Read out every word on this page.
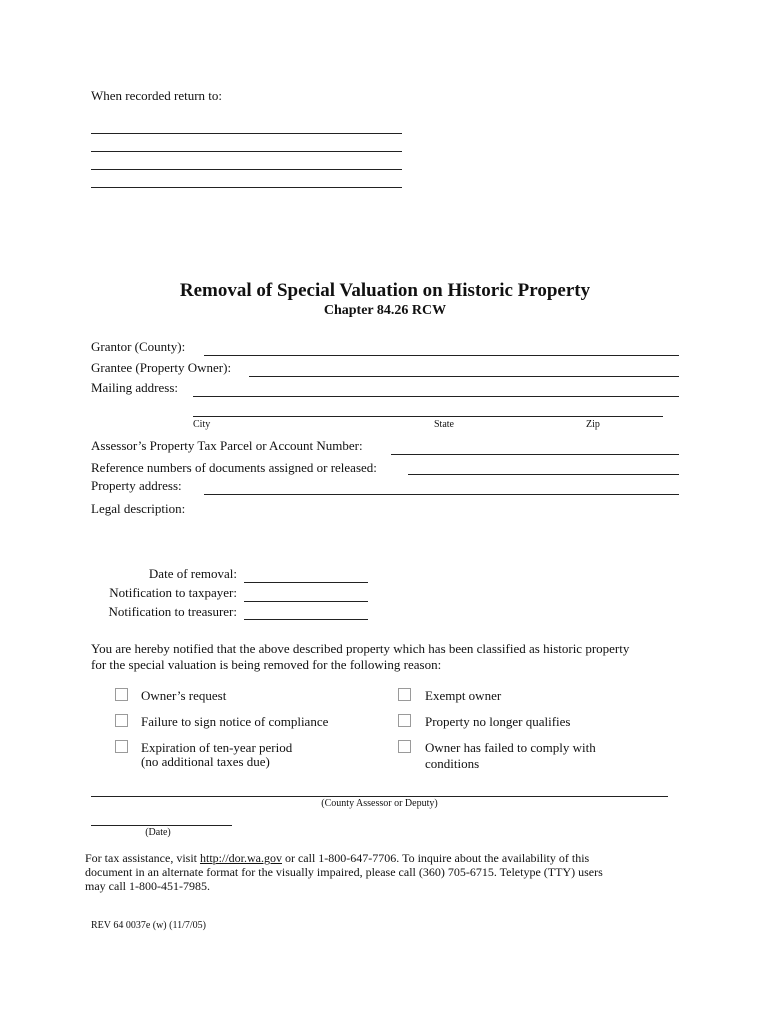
When recorded return to:
Removal of Special Valuation on Historic Property
Chapter 84.26 RCW
Grantor (County):
Grantee (Property Owner):
Mailing address:
City	State	Zip
Assessor’s Property Tax Parcel or Account Number:
Reference numbers of documents assigned or released:
Property address:
Legal description:
Date of removal:
Notification to taxpayer:
Notification to treasurer:
You are hereby notified that the above described property which has been classified as historic property
for the special valuation is being removed for the following reason:
Owner’s request
Failure to sign notice of compliance
Expiration of ten-year period
(no additional taxes due)
Exempt owner
Property no longer qualifies
Owner has failed to comply with
conditions
(County Assessor or Deputy)
(Date)
For tax assistance, visit http://dor.wa.gov or call 1-800-647-7706. To inquire about the availability of this
document in an alternate format for the visually impaired, please call (360) 705-6715. Teletype (TTY) users
may call 1-800-451-7985.
REV 64 0037e (w) (11/7/05)
